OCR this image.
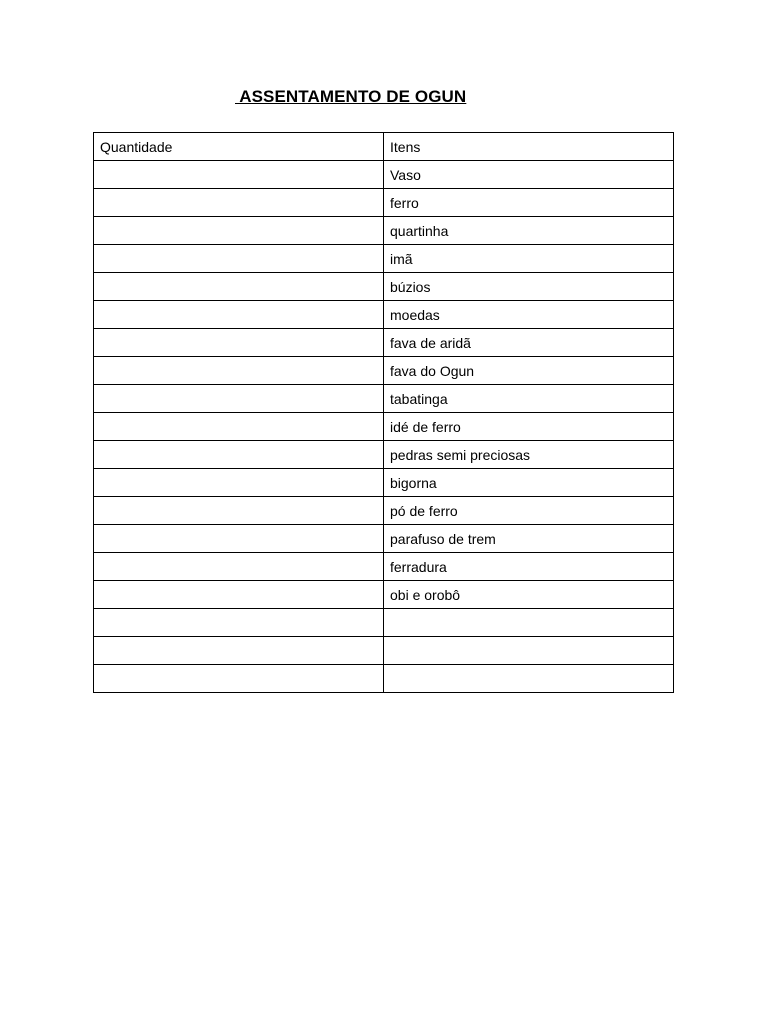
ASSENTAMENTO DE OGUN
Quantidade	Itens
	Vaso
	ferro
	quartinha
	imã
	búzios
	moedas
	fava de aridã
	fava do Ogun
	tabatinga
	idé de ferro
	pedras semi preciosas
	bigorna
	pó de ferro
	parafuso de trem
	ferradura
	obi e orobô
